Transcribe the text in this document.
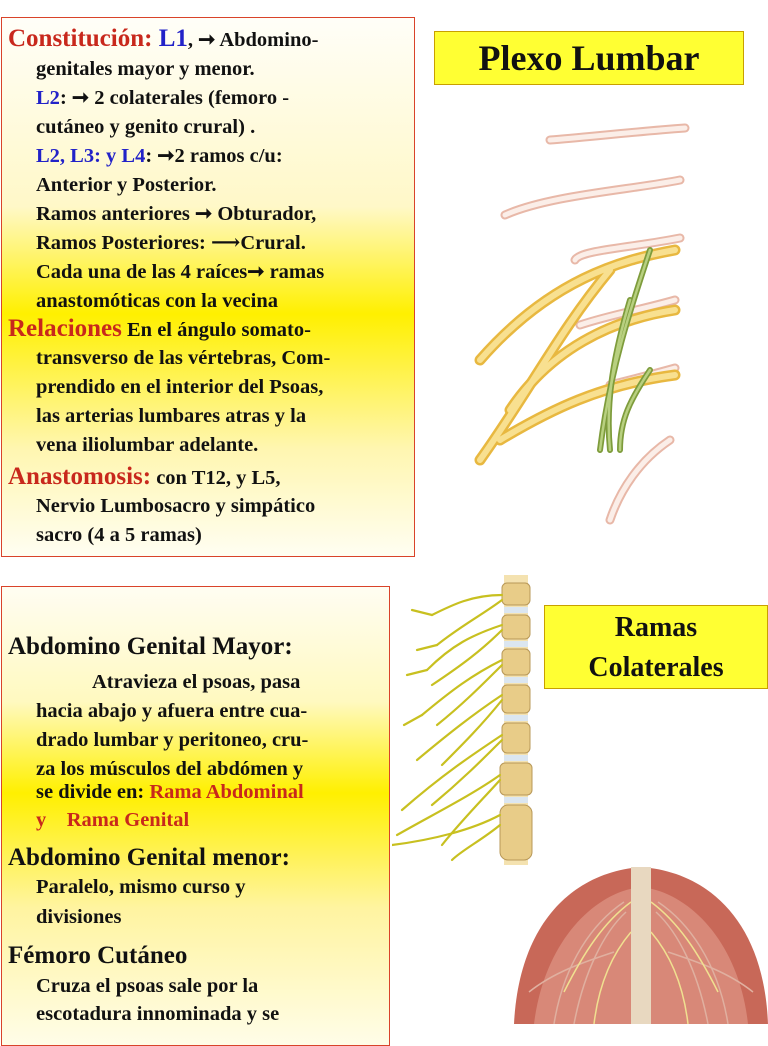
Constitución: L1, ➞ Abdomino-
genitales mayor y menor.
L2: ➞ 2 colaterales (femoro -
cutáneo y genito crural) .
L2, L3: y L4: ➞2 ramos c/u:
Anterior y Posterior.
Ramos anteriores ➞ Obturador,
Ramos Posteriores: ⟶Crural.
Cada una de las 4 raíces➞ ramas
anastomóticas con la vecina
Relaciones En el ángulo somato-
transverso de las vértebras, Com-
prendido en el interior del Psoas,
las arterias lumbares atras y la
vena iliolumbar adelante.
Anastomosis: con T12, y L5,
Nervio Lumbosacro y simpático
sacro (4 a 5 ramas)
Plexo Lumbar
Abdomino Genital Mayor:
Atravieza el psoas, pasa
hacia abajo y afuera entre cua-
drado lumbar y peritoneo, cru-
za los músculos del abdómen y
se divide en: Rama Abdominal
y    Rama Genital
Abdomino Genital menor:
Paralelo, mismo curso y
divisiones
Fémoro Cutáneo
Cruza el psoas sale por la
escotadura innominada y se
Ramas
Colaterales
